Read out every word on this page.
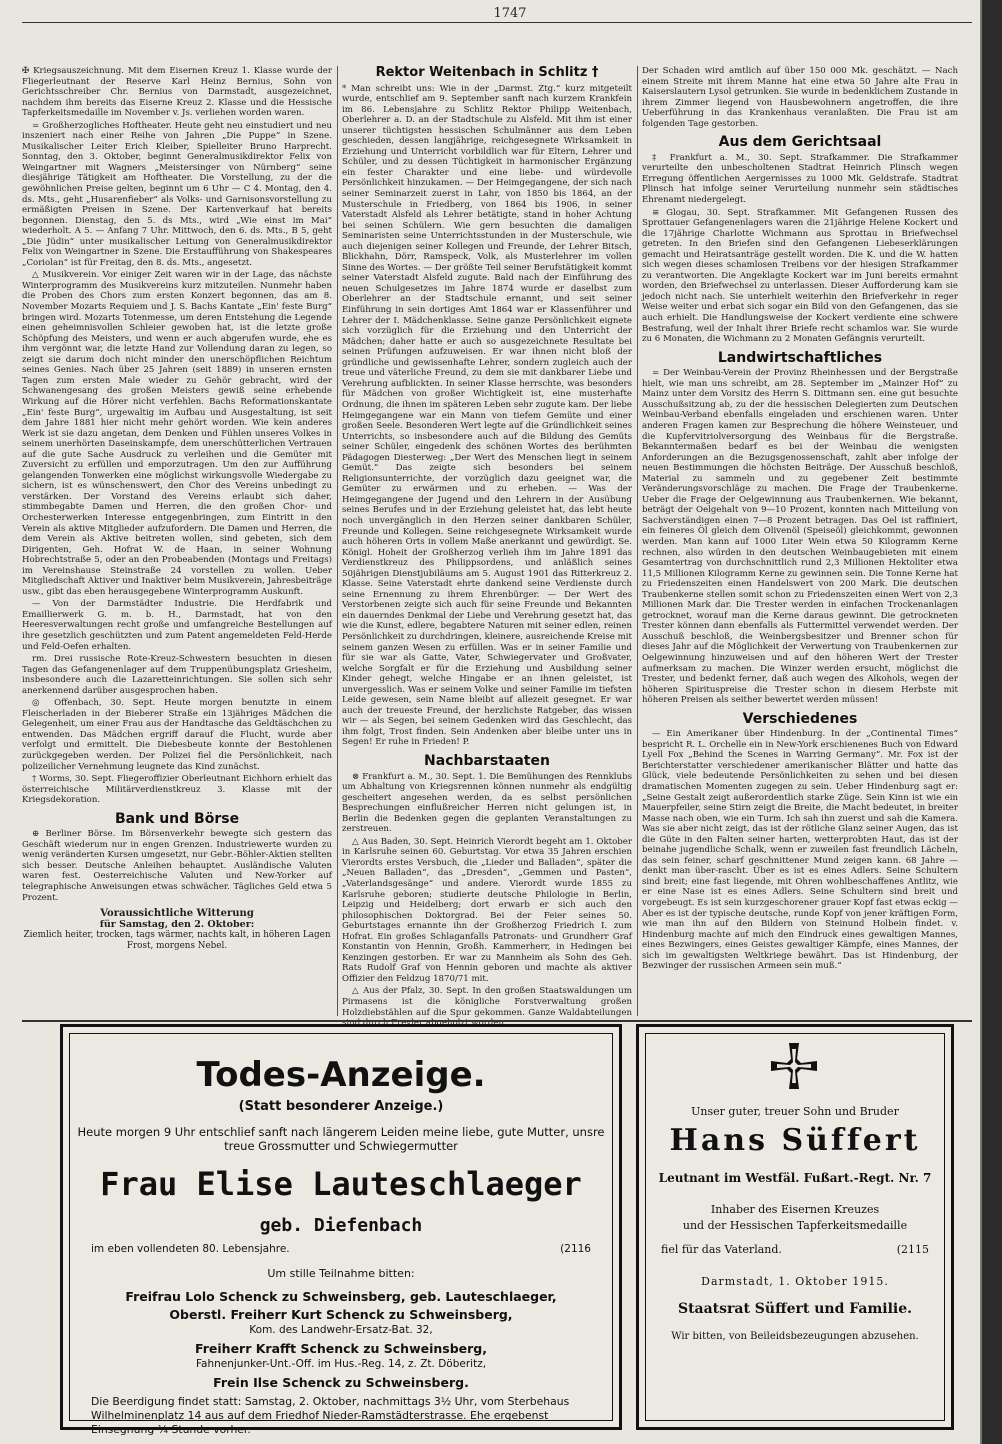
1747

✠ Kriegsauszeichnung. Mit dem Eisernen Kreuz 1. Klasse wurde der Fliegerleutnant der Reserve Karl Heinz Bernius, Sohn von Gerichtsschreiber Chr. Bernius von Darmstadt, ausgezeichnet, nachdem ihm bereits das Eiserne Kreuz 2. Klasse und die Hessische Tapferkeitsmedaille im November v. Js. verliehen worden waren.

= Großherzogliches Hoftheater. Heute geht neu einstudiert und neu inszeniert nach einer Reihe von Jahren „Die Puppe“ in Szene. Musikalischer Leiter Erich Kleiber, Spielleiter Bruno Harprecht. Sonntag, den 3. Oktober, beginnt Generalmusikdirektor Felix von Weingartner mit Wagners „Meistersinger von Nürnberg“ seine diesjährige Tätigkeit am Hoftheater. Die Vorstellung, zu der die gewöhnlichen Preise gelten, beginnt um 6 Uhr — C 4. Montag, den 4. ds. Mts., geht „Husarenfieber“ als Volks- und Garnisonsvorstellung zu ermäßigten Preisen in Szene. Der Kartenverkauf hat bereits begonnen. Dienstag, den 5. ds Mts., wird „Wie einst im Mai“ wiederholt. A 5. — Anfang 7 Uhr. Mittwoch, den 6. ds. Mts., B 5, geht „Die Jüdin“ unter musikalischer Leitung von Generalmusikdirektor Felix von Weingartner in Szene. Die Erstaufführung von Shakespeares „Coriolan“ ist für Freitag, den 8. ds. Mts., angesetzt.

△ Musikverein. Vor einiger Zeit waren wir in der Lage, das nächste Winterprogramm des Musikvereins kurz mitzuteilen. Nunmehr haben die Proben des Chors zum ersten Konzert begonnen, das am 8. November Mozarts Requiem und J. S. Bachs Kantate „Ein' feste Burg“ bringen wird. Mozarts Totenmesse, um deren Entstehung die Legende einen geheimnisvollen Schleier gewoben hat, ist die letzte große Schöpfung des Meisters, und wenn er auch abgerufen wurde, ehe es ihm vergönnt war, die letzte Hand zur Vollendung daran zu legen, so zeigt sie darum doch nicht minder den unerschöpflichen Reichtum seines Genies. Nach über 25 Jahren (seit 1889) in unseren ernsten Tagen zum ersten Male wieder zu Gehör gebracht, wird der Schwanengesang des großen Meisters gewiß seine erhebende Wirkung auf die Hörer nicht verfehlen. Bachs Reformationskantate „Ein' feste Burg“, urgewaltig im Aufbau und Ausgestaltung, ist seit dem Jahre 1881 hier nicht mehr gehört worden. Wie kein anderes Werk ist sie dazu angetan, dem Denken und Fühlen unseres Volkes in seinem unerhörten Daseinskampfe, dem unerschütterlichen Vertrauen auf die gute Sache Ausdruck zu verleihen und die Gemüter mit Zuversicht zu erfüllen und emporzutragen. Um den zur Aufführung gelangenden Tonwerken eine möglichst wirkungsvolle Wiedergabe zu sichern, ist es wünschenswert, den Chor des Vereins unbedingt zu verstärken. Der Vorstand des Vereins erlaubt sich daher, stimmbegabte Damen und Herren, die den großen Chor- und Orchesterwerken Interesse entgegenbringen, zum Eintritt in den Verein als aktive Mitglieder aufzufordern. Die Damen und Herren, die dem Verein als Aktive beitreten wollen, sind gebeten, sich dem Dirigenten, Geh. Hofrat W. de Haan, in seiner Wohnung Hobrechtstraße 5, oder an den Probeabenden (Montags und Freitags) im Vereinshause Steinstraße 24 vorstellen zu wollen. Ueber Mitgliedschaft Aktiver und Inaktiver beim Musikverein, Jahresbeiträge usw., gibt das eben herausgegebene Winterprogramm Auskunft.

— Von der Darmstädter Industrie. Die Herdfabrik und Emaillierwerk G. m. b. H., Darmstadt, hat von den Heeresverwaltungen recht große und umfangreiche Bestellungen auf ihre gesetzlich geschützten und zum Patent angemeldeten Feld-Herde und Feld-Oefen erhalten.

rm. Drei russische Rote-Kreuz-Schwestern besuchten in diesen Tagen das Gefangenenlager auf dem Truppenübungsplatz Griesheim, insbesondere auch die Lazaretteinrichtungen. Sie sollen sich sehr anerkennend darüber ausgesprochen haben.

◎ Offenbach, 30. Sept. Heute morgen benutzte in einem Fleischerladen in der Bieberer Straße ein 13jähriges Mädchen die Gelegenheit, um einer Frau aus der Handtasche das Geldtäschchen zu entwenden. Das Mädchen ergriff darauf die Flucht, wurde aber verfolgt und ermittelt. Die Diebesbeute konnte der Bestohlenen zurückgegeben werden. Der Polizei fiel die Persönlichkeit, nach polizeilicher Vernehmung leugnete das Kind zunächst.

† Worms, 30. Sept. Fliegeroffizier Oberleutnant Eichhorn erhielt das österreichische Militärverdienstkreuz 3. Klasse mit der Kriegsdekoration.

Bank und Börse

⊕ Berliner Börse. Im Börsenverkehr bewegte sich gestern das Geschäft wiederum nur in engen Grenzen. Industriewerte wurden zu wenig veränderten Kursen umgesetzt, nur Gebr.-Böhler-Aktien stellten sich besser. Deutsche Anleihen behauptet. Ausländische Valuten waren fest. Oesterreichische Valuten und New-Yorker auf telegraphische Anweisungen etwas schwächer. Tägliches Geld etwa 5 Prozent.

Voraussichtliche Witterung
für Samstag, den 2. Oktober:
Ziemlich heiter, trocken, tags wärmer, nachts kalt, in höheren Lagen Frost, morgens Nebel.
Rektor Weitenbach in Schlitz †

* Man schreibt uns: Wie in der „Darmst. Ztg.“ kurz mitgeteilt wurde, entschlief am 9. September sanft nach kurzem Krankfein im 86. Lebensjahre zu Schlitz Rektor Philipp Weitenbach, Oberlehrer a. D. an der Stadtschule zu Alsfeld. Mit ihm ist einer unserer tüchtigsten hessischen Schulmänner aus dem Leben geschieden, dessen langjährige, reichgesegnete Wirksamkeit in Erziehung und Unterricht vorbildlich war für Eltern, Lehrer und Schüler, und zu dessen Tüchtigkeit in harmonischer Ergänzung ein fester Charakter und eine liebe- und würdevolle Persönlichkeit hinzukamen. — Der Heimgegangene, der sich nach seiner Seminarzeit zuerst in Lahr, von 1850 bis 1864, an der Musterschule in Friedberg, von 1864 bis 1906, in seiner Vaterstadt Alsfeld als Lehrer betätigte, stand in hoher Achtung bei seinen Schülern. Wie gern besuchten die damaligen Seminaristen seine Unterrichtsstunden in der Musterschule, wie auch diejenigen seiner Kollegen und Freunde, der Lehrer Bitsch, Blickhahn, Dörr, Ramspeck, Volk, als Musterlehrer im vollen Sinne des Wortes. — Der größte Teil seiner Berufstätigkeit kommt seiner Vaterstadt Alsfeld zugute. Bald nach der Einführung des neuen Schulgesetzes im Jahre 1874 wurde er daselbst zum Oberlehrer an der Stadtschule ernannt, und seit seiner Einführung in sein dortiges Amt 1864 war er Klassenführer und Lehrer der I. Mädchenklasse. Seine ganze Persönlichkeit eignete sich vorzüglich für die Erziehung und den Unterricht der Mädchen; daher hatte er auch so ausgezeichnete Resultate bei seinen Prüfungen aufzuweisen. Er war ihnen nicht bloß der gründliche und gewissenhafte Lehrer, sondern zugleich auch der treue und väterliche Freund, zu dem sie mit dankbarer Liebe und Verehrung aufblickten. In seiner Klasse herrschte, was besonders für Mädchen von großer Wichtigkeit ist, eine musterhafte Ordnung, die ihnen im späteren Leben sehr zugute kam. Der liebe Heimgegangene war ein Mann von tiefem Gemüte und einer großen Seele. Besonderen Wert legte auf die Gründlichkeit seines Unterrichts, so insbesondere auch auf die Bildung des Gemüts seiner Schüler, eingedenk des schönen Wortes des berühmten Pädagogen Diesterweg: „Der Wert des Menschen liegt in seinem Gemüt.“ Das zeigte sich besonders bei seinem Religionsunterrichte, der vorzüglich dazu geeignet war, die Gemüter zu erwärmen und zu erheben. — Was der Heimgegangene der Jugend und den Lehrern in der Ausübung seines Berufes und in der Erziehung geleistet hat, das lebt heute noch unvergänglich in den Herzen seiner dankbaren Schüler, Freunde und Kollegen. Seine reichgesegnete Wirksamkeit wurde auch höheren Orts in vollem Maße anerkannt und gewürdigt. Se. Königl. Hoheit der Großherzog verlieh ihm im Jahre 1891 das Verdienstkreuz des Philippsordens, und anläßlich seines 50jährigen Dienstjubiläums am 5. August 1901 das Ritterkreuz 2. Klasse. Seine Vaterstadt ehrte dankend seine Verdienste durch seine Ernennung zu ihrem Ehrenbürger. — Der Wert des Verstorbenen zeigte sich auch für seine Freunde und Bekannten ein dauerndes Denkmal der Liebe und Verehrung gesetzt hat, das wie die Kunst, edlere, begabtere Naturen mit seiner edlen, reinen Persönlichkeit zu durchdringen, kleinere, ausreichende Kreise mit seinem ganzen Wesen zu erfüllen. Was er in seiner Familie und für sie war als Gatte, Vater, Schwiegervater und Großvater, welche Sorgfalt er für die Erziehung und Ausbildung seiner Kinder gehegt, welche Hingabe er an ihnen geleistet, ist unvergesslich. Was er seinem Volke und seiner Familie im tiefsten Leide gewesen, sein Name bleibt auf allezeit gesegnet. Er war auch der treueste Freund, der herzlichste Ratgeber, das wissen wir — als Segen, bei seinem Gedenken wird das Geschlecht, das ihm folgt, Trost finden. Sein Andenken aber bleibe unter uns in Segen! Er ruhe in Frieden! P.

Nachbarstaaten

⊗ Frankfurt a. M., 30. Sept. 1. Die Bemühungen des Rennklubs um Abhaltung von Kriegsrennen können nunmehr als endgültig gescheitert angesehen werden, da es selbst persönlichen Besprechungen einflußreicher Herren nicht gelungen ist, in Berlin die Bedenken gegen die geplanten Veranstaltungen zu zerstreuen.

△ Aus Baden, 30. Sept. Heinrich Vierordt begeht am 1. Oktober in Karlsruhe seinen 60. Geburtstag. Vor etwa 35 Jahren erschien Vierordts erstes Versbuch, die „Lieder und Balladen“, später die „Neuen Balladen“, das „Dresden“, „Gemmen und Pasten“, „Vaterlandsgesänge“ und andere. Vierordt wurde 1855 zu Karlsruhe geboren; studierte deutsche Philologie in Berlin, Leipzig und Heidelberg; dort erwarb er sich auch den philosophischen Doktorgrad. Bei der Feier seines 50. Geburtstages ernannte ihn der Großherzog Friedrich I. zum Hofrat. Ein großes Schlaganfalls Patronats- und Grundherr Graf Konstantin von Hennin, Großh. Kammerherr, in Hedingen bei Kenzingen gestorben. Er war zu Mannheim als Sohn des Geh. Rats Rudolf Graf von Hennin geboren und machte als aktiver Offizier den Feldzug 1870/71 mit.

△ Aus der Pfalz, 30. Sept. In den großen Staatswaldungen um Pirmasens ist die königliche Forstverwaltung großen Holzdiebstählen auf die Spur gekommen. Ganze Waldabteilungen

Der Schaden wird amtlich auf über 150 000 Mk. geschätzt. — Nach einem Streite mit ihrem Manne hat eine etwa 50 Jahre alte Frau in Kaiserslautern Lysol getrunken. Sie wurde in bedenklichem Zustande in ihrem Zimmer liegend von Hausbewohnern angetroffen, die ihre Ueberführung in das Krankenhaus veranlaßten. Die Frau ist am folgenden Tage gestorben.

Aus dem Gerichtsaal

‡ Frankfurt a. M., 30. Sept. Strafkammer. Die Strafkammer verurteilte den unbescholtenen Stadtrat Heinrich Plinsch wegen Erregung öffentlichen Aergernisses zu 1000 Mk. Geldstrafe. Stadtrat Plinsch hat infolge seiner Verurteilung nunmehr sein städtisches Ehrenamt niedergelegt.

≡ Glogau, 30. Sept. Strafkammer. Mit Gefangenen Russen des Sprottauer Gefangenenlagers waren die 21jährige Helene Kockert und die 17jährige Charlotte Wichmann aus Sprottau in Briefwechsel getreten. In den Briefen sind den Gefangenen Liebeserklärungen gemacht und Heiratsanträge gestellt worden. Die K. und die W. hatten sich wegen dieses schamlosen Treibens vor der hiesigen Strafkammer zu verantworten. Die Angeklagte Kockert war im Juni bereits ermahnt worden, den Briefwechsel zu unterlassen. Dieser Aufforderung kam sie jedoch nicht nach. Sie unterhielt weiterhin den Briefverkehr in reger Weise weiter und erbat sich sogar ein Bild von den Gefangenen, das sie auch erhielt. Die Handlungsweise der Kockert verdiente eine schwere Bestrafung, weil der Inhalt ihrer Briefe recht schamlos war. Sie wurde zu 6 Monaten, die Wichmann zu 2 Monaten Gefängnis verurteilt.

Landwirtschaftliches

= Der Weinbau-Verein der Provinz Rheinhessen und der Bergstraße hielt, wie man uns schreibt, am 28. September im „Mainzer Hof“ zu Mainz unter dem Vorsitz des Herrn S. Dittmann sen. eine gut besuchte Ausschußsitzung ab, zu der die hessischen Delegierten zum Deutschen Weinbau-Verband ebenfalls eingeladen und erschienen waren. Unter anderen Fragen kamen zur Besprechung die höhere Weinsteuer, und die Kupfervitriolversorgung des Weinbaus für die Bergstraße. Bekanntermaßen bedarf es bei der Weinbau die wenigsten Anforderungen an die Bezugsgenossenschaft, zahlt aber infolge der neuen Bestimmungen die höchsten Beiträge. Der Ausschuß beschloß, Material zu sammeln und zu gegebener Zeit bestimmte Veränderungsvorschläge zu machen. Die Frage der Traubenkerne. Ueber die Frage der Oelgewinnung aus Traubenkernen. Wie bekannt, beträgt der Oelgehalt von 9—10 Prozent, konnten nach Mitteilung von Sachverständigen einen 7—8 Prozent betragen. Das Oel ist raffiniert, ein feineres Öl gleich dem Olivenöl (Speiseöl) gleichkommt, gewonnen werden. Man kann auf 1000 Liter Wein etwa 50 Kilogramm Kerne rechnen, also würden in den deutschen Weinbaugebieten mit einem Gesamtertrag von durchschnittlich rund 2,3 Millionen Hektoliter etwa 11,5 Millionen Kilogramm Kerne zu gewinnen sein. Die Tonne Kerne hat zu Friedenszeiten einen Handelswert von 200 Mark. Die deutschen Traubenkerne stellen somit schon zu Friedenszeiten einen Wert von 2,3 Millionen Mark dar. Die Trester werden in einfachen Trockenanlagen getrocknet, worauf man die Kerne daraus gewinnt. Die getrockneten Trester können dann ebenfalls als Futtermittel verwendet werden. Der Ausschuß beschloß, die Weinbergsbesitzer und Brenner schon für dieses Jahr auf die Möglichkeit der Verwertung von Traubenkernen zur Oelgewinnung hinzuweisen und auf den höheren Wert der Trester aufmerksam zu machen. Die Winzer werden ersucht, möglichst die Trester, und bedenkt ferner, daß auch wegen des Alkohols, wegen der höheren Spirituspreise die Trester schon in diesem Herbste mit höheren Preisen als seither bewertet werden müssen!

Verschiedenes

— Ein Amerikaner über Hindenburg. In der „Continental Times“ bespricht R. L. Orchelle ein in New-York erschienenes Buch von Edward Lyell Fox „Behind the Scenes in Warring Germany“. Mr. Fox ist der Berichterstatter verschiedener amerikanischer Blätter und hatte das Glück, viele bedeutende Persönlichkeiten zu sehen und bei diesen dramatischen Momenten zugegen zu sein. Ueber Hindenburg sagt er: „Seine Gestalt zeigt außerordentlich starke Züge. Sein Kinn ist wie ein Mauerpfeiler, seine Stirn zeigt die Breite, die Macht bedeutet, in breiter Masse nach oben, wie ein Turm. Ich sah ihn zuerst und sah die Kamera. Was sie aber nicht zeigt, das ist der rötliche Glanz seiner Augen, das ist die Güte in den Falten seiner harten, wetterprobten Haut, das ist der beinahe jugendliche Schalk, wenn er zuweilen fast freundlich Lächeln, das sein feiner, scharf geschnittener Mund zeigen kann. 68 Jahre — denkt man über-rascht. Über es ist es eines Adlers. Seine Schultern sind breit; eine fast liegende, mit Ohren wohlbeschaffenes Antlitz, wie er eine Nase ist es eines Adlers. Seine Schultern sind breit und vorgebeugt. Es ist sein kurzgeschorener grauer Kopf fast etwas eckig — Aber es ist der typische deutsche, runde Kopf von jener kräftigen Form, wie man ihn auf den Bildern von Steinund Holbein findet. v. Hindenburg machte auf mich den Eindruck eines gewaltigen Mannes, eines Bezwingers, eines Geistes gewaltiger Kämpfe, eines Mannes, der sich im gewaltigsten Weltkriege bewährt. Das ist Hindenburg, der Bezwinger der russischen Armeen sein muß.“

Todes-Anzeige.
(Statt besonderer Anzeige.)
Heute morgen 9 Uhr entschlief sanft nach längerem Leiden meine liebe, gute Mutter, unsre
treue Grossmutter und Schwiegermutter
Frau Elise Lauteschlaeger
geb. Diefenbach
im eben vollendeten 80. Lebensjahre.	(2116
Um stille Teilnahme bitten:
Freifrau Lolo Schenck zu Schweinsberg, geb. Lauteschlaeger,
Oberstl. Freiherr Kurt Schenck zu Schweinsberg,
Kom. des Landwehr-Ersatz-Bat. 32,
Freiherr Krafft Schenck zu Schweinsberg,
Fahnenjunker-Unt.-Off. im Hus.-Reg. 14, z. Zt. Döberitz,
Frein Ilse Schenck zu Schweinsberg.
Die Beerdigung findet statt: Samstag, 2. Oktober, nachmittags 3½ Uhr, vom Sterbehaus
Wilhelminenplatz 14 aus auf dem Friedhof Nieder-Ramstädterstrasse. Ehe ergebenst Einsegnung ¼ Stunde vorher.
Unser guter, treuer Sohn und Bruder
Hans Süffert
Leutnant im Westfäl. Fußart.-Regt. Nr. 7
Inhaber des Eisernen Kreuzes
und der Hessischen Tapferkeitsmedaille
fiel für das Vaterland.	(2115
Darmstadt, 1. Oktober 1915.
Staatsrat Süffert und Familie.
Wir bitten, von Beileidsbezeugungen abzusehen.
